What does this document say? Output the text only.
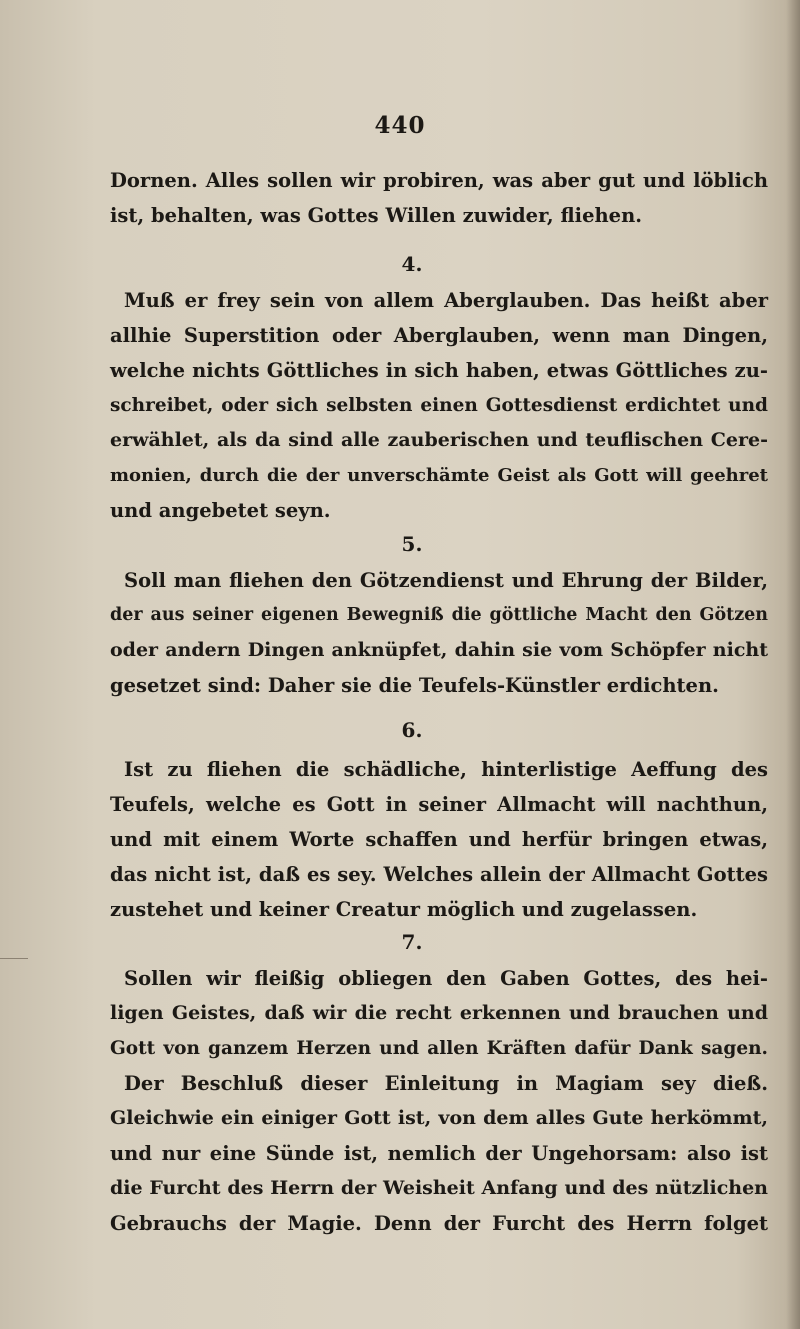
440
Dornen. Alles sollen wir probiren, was aber gut und löblich
ist, behalten, was Gottes Willen zuwider, fliehen.
4.
Muß er frey sein von allem Aberglauben. Das heißt aber
allhie Superstition oder Aberglauben, wenn man Dingen,
welche nichts Göttliches in sich haben, etwas Göttliches zu-
schreibet, oder sich selbsten einen Gottesdienst erdichtet und
erwählet, als da sind alle zauberischen und teuflischen Cere-
monien, durch die der unverschämte Geist als Gott will geehret
und angebetet seyn.
5.
Soll man fliehen den Götzendienst und Ehrung der Bilder,
der aus seiner eigenen Bewegniß die göttliche Macht den Götzen
oder andern Dingen anknüpfet, dahin sie vom Schöpfer nicht
gesetzet sind: Daher sie die Teufels-Künstler erdichten.
6.
Ist zu fliehen die schädliche, hinterlistige Aeffung des
Teufels, welche es Gott in seiner Allmacht will nachthun,
und mit einem Worte schaffen und herfür bringen etwas,
das nicht ist, daß es sey. Welches allein der Allmacht Gottes
zustehet und keiner Creatur möglich und zugelassen.
7.
Sollen wir fleißig obliegen den Gaben Gottes, des hei-
ligen Geistes, daß wir die recht erkennen und brauchen und
Gott von ganzem Herzen und allen Kräften dafür Dank sagen.
Der Beschluß dieser Einleitung in Magiam sey dieß.
Gleichwie ein einiger Gott ist, von dem alles Gute herkömmt,
und nur eine Sünde ist, nemlich der Ungehorsam: also ist
die Furcht des Herrn der Weisheit Anfang und des nützlichen
Gebrauchs der Magie. Denn der Furcht des Herrn folget
